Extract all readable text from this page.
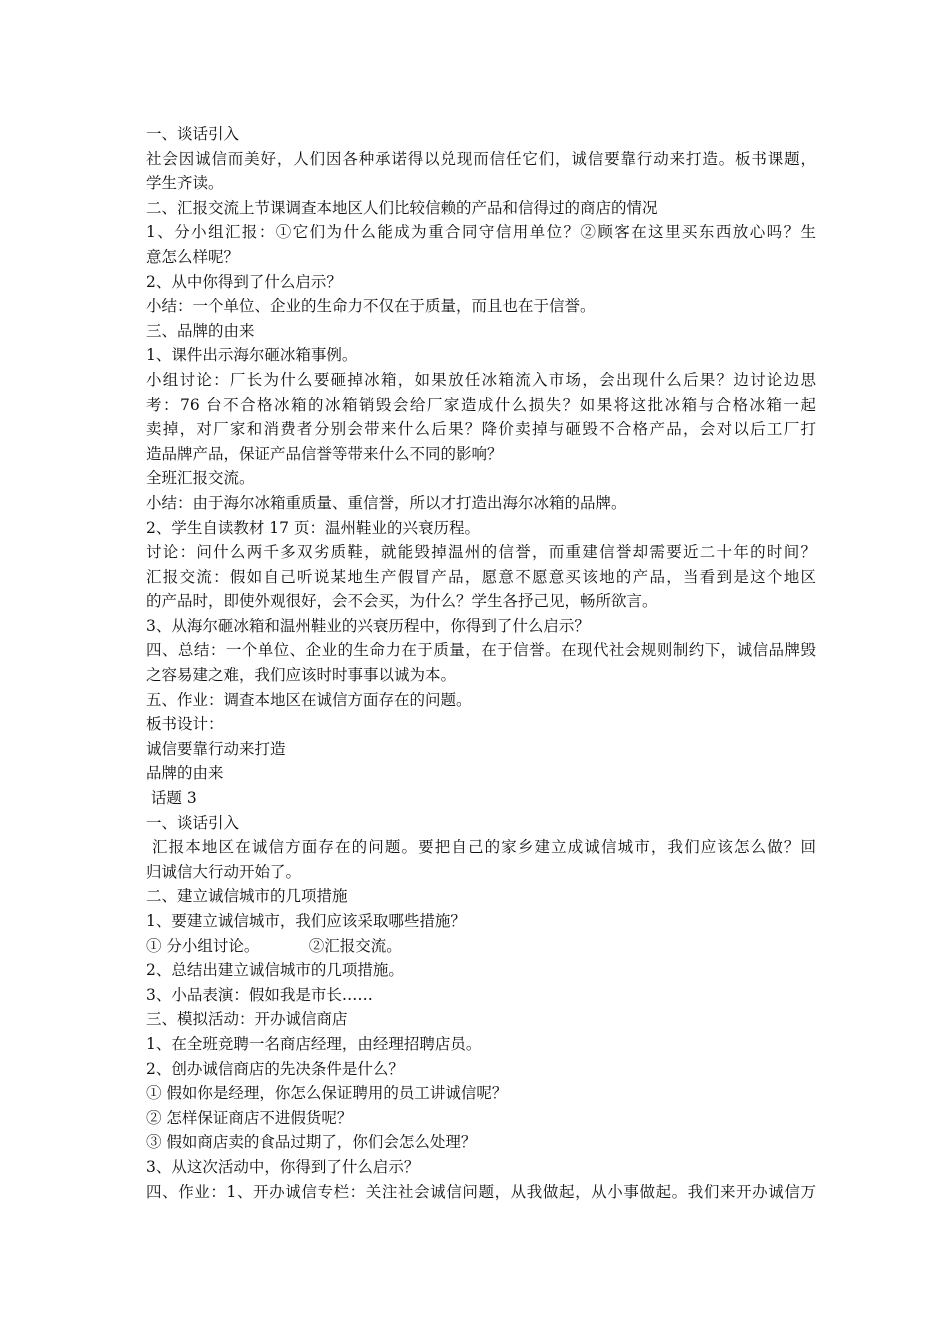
一、谈话引入
社会因诚信而美好，人们因各种承诺得以兑现而信任它们，诚信要靠行动来打造。板书课题，
学生齐读。
二、汇报交流上节课调查本地区人们比较信赖的产品和信得过的商店的情况
1、分小组汇报：①它们为什么能成为重合同守信用单位？②顾客在这里买东西放心吗？生
意怎么样呢？
2、从中你得到了什么启示？
小结：一个单位、企业的生命力不仅在于质量，而且也在于信誉。
三、品牌的由来
1、课件出示海尔砸冰箱事例。
小组讨论：厂长为什么要砸掉冰箱，如果放任冰箱流入市场，会出现什么后果？边讨论边思
考：76 台不合格冰箱的冰箱销毁会给厂家造成什么损失？如果将这批冰箱与合格冰箱一起
卖掉，对厂家和消费者分别会带来什么后果？降价卖掉与砸毁不合格产品，会对以后工厂打
造品牌产品，保证产品信誉等带来什么不同的影响？
全班汇报交流。
小结：由于海尔冰箱重质量、重信誉，所以才打造出海尔冰箱的品牌。
2、学生自读教材 17 页：温州鞋业的兴衰历程。
讨论：问什么两千多双劣质鞋，就能毁掉温州的信誉，而重建信誉却需要近二十年的时间？
汇报交流：假如自己听说某地生产假冒产品，愿意不愿意买该地的产品，当看到是这个地区
的产品时，即使外观很好，会不会买，为什么？学生各抒己见，畅所欲言。
3、从海尔砸冰箱和温州鞋业的兴衰历程中，你得到了什么启示？
四、总结：一个单位、企业的生命力在于质量，在于信誉。在现代社会规则制约下，诚信品牌毁
之容易建之难，我们应该时时事事以诚为本。
五、作业：调查本地区在诚信方面存在的问题。
板书设计：
诚信要靠行动来打造
品牌的由来
话题 3
一、谈话引入
汇报本地区在诚信方面存在的问题。要把自己的家乡建立成诚信城市，我们应该怎么做？回
归诚信大行动开始了。
二、建立诚信城市的几项措施
1、要建立诚信城市，我们应该采取哪些措施？
① 分小组讨论。          ②汇报交流。
2、总结出建立诚信城市的几项措施。
3、小品表演：假如我是市长……
三、模拟活动：开办诚信商店
1、在全班竞聘一名商店经理，由经理招聘店员。
2、创办诚信商店的先决条件是什么？
① 假如你是经理，你怎么保证聘用的员工讲诚信呢？
② 怎样保证商店不进假货呢？
③ 假如商店卖的食品过期了，你们会怎么处理？
3、从这次活动中，你得到了什么启示？
四、作业：1、开办诚信专栏：关注社会诚信问题，从我做起，从小事做起。我们来开办诚信万
